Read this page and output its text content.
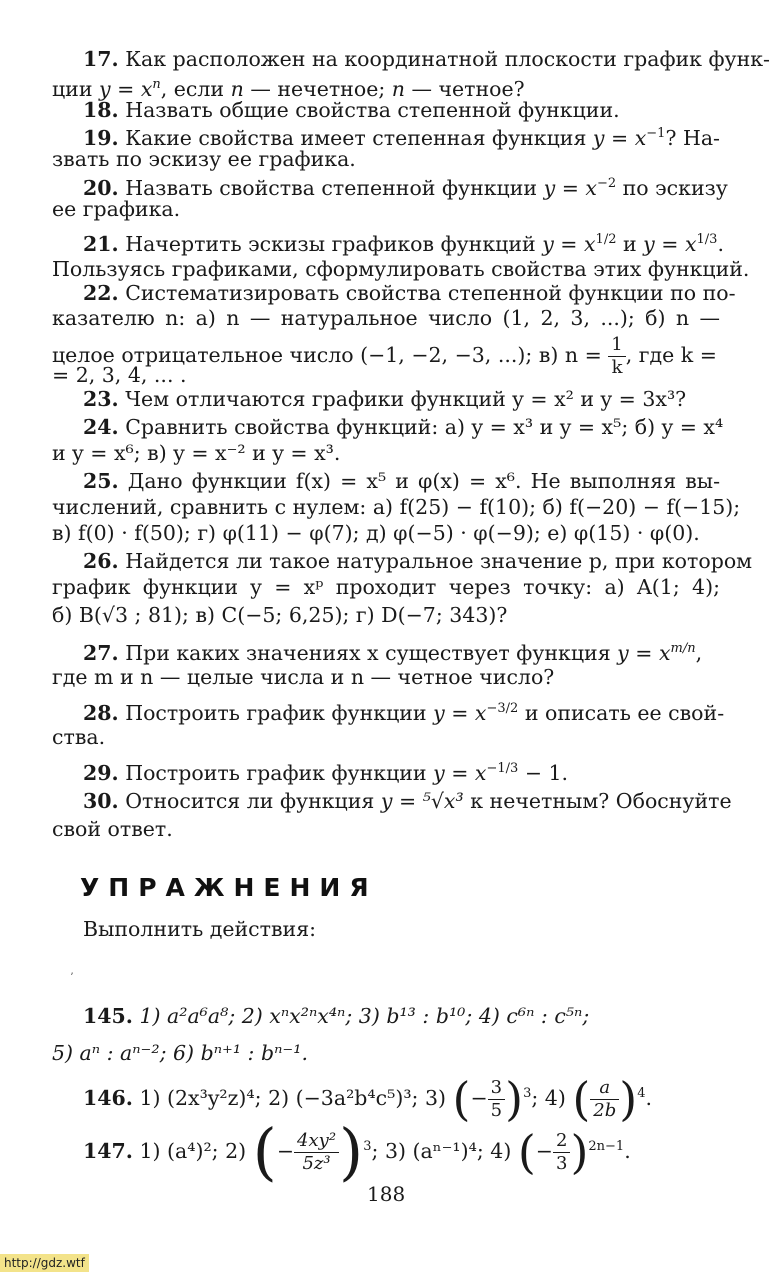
17. Как расположен на координатной плоскости график функ-
ции $y = x^n$, если n — нечетное; n — четное?
18. Назвать общие свойства степенной функции.
19. Какие свойства имеет степенная функция $y = x^{-1}$? На-
звать по эскизу ее графика.
20. Назвать свойства степенной функции $y = x^{-2}$ по эскизу
ее графика.
21. Начертить эскизы графиков функций $y = x^{1/2}$ и $y = x^{1/3}$.
Пользуясь графиками, сформулировать свойства этих функций.
22. Систематизировать свойства степенной функции по по-
казателю n: а) n — натуральное число (1, 2, 3, ...); б) n —
целое отрицательное число (−1, −2, −3, ...); в) $n = \frac{1}{k}$ , где k =
= 2, 3, 4, ... .
23. Чем отличаются графики функций y = x² и y = 3x³?
24. Сравнить свойства функций: а) y = x³ и y = x⁵; б) y = x⁴
и y = x⁶; в) y = x⁻² и y = x³.
25. Дано функции f(x) = x⁵ и φ(x) = x⁶. Не выполняя вы-
числений, сравнить с нулем: а) f(25) − f(10); б) f(−20) − f(−15);
в) f(0) · f(50); г) φ(11) − φ(7); д) φ(−5) · φ(−9); е) φ(15) · φ(0).
26. Найдется ли такое натуральное значение p, при котором
график функции y = xᵖ проходит через точку: а) A(1; 4);
б) B(√3 ; 81); в) C(−5; 6,25); г) D(−7; 343)?
27. При каких значениях x существует функция $y = x^{m/n}$,
где m и n — целые числа и n — четное число?
28. Построить график функции $y = x^{-3/2}$ и описать ее свой-
ства.
29. Построить график функции $y = x^{-1/3} - 1$.
30. Относится ли функция y = ⁵√x³ к нечетным? Обоснуйте
свой ответ.
УПРАЖНЕНИЯ
Выполнить действия:
ʼ
145. 1) a²a⁶a⁸; 2) xⁿx²ⁿx⁴ⁿ; 3) b¹³ : b¹⁰; 4) c⁶ⁿ : c⁵ⁿ;
5) aⁿ : aⁿ⁻²; 6) bⁿ⁺¹ : bⁿ⁻¹.
146. 1) (2x³y²z)⁴; 2) (−3a²b⁴c⁵)³; 3) (− $\frac{3}{5} )^3$; 4) ( $\frac{a}{2b} )^4$.
147. 1) (a⁴)²; 2) (− $\frac{\text{4xy²}}{\text{5z³}} )^3$; 3) (aⁿ⁻¹)⁴; 4) (− $\frac{2}{3} )^{2n-1}$.
188
http://gdz.wtf
